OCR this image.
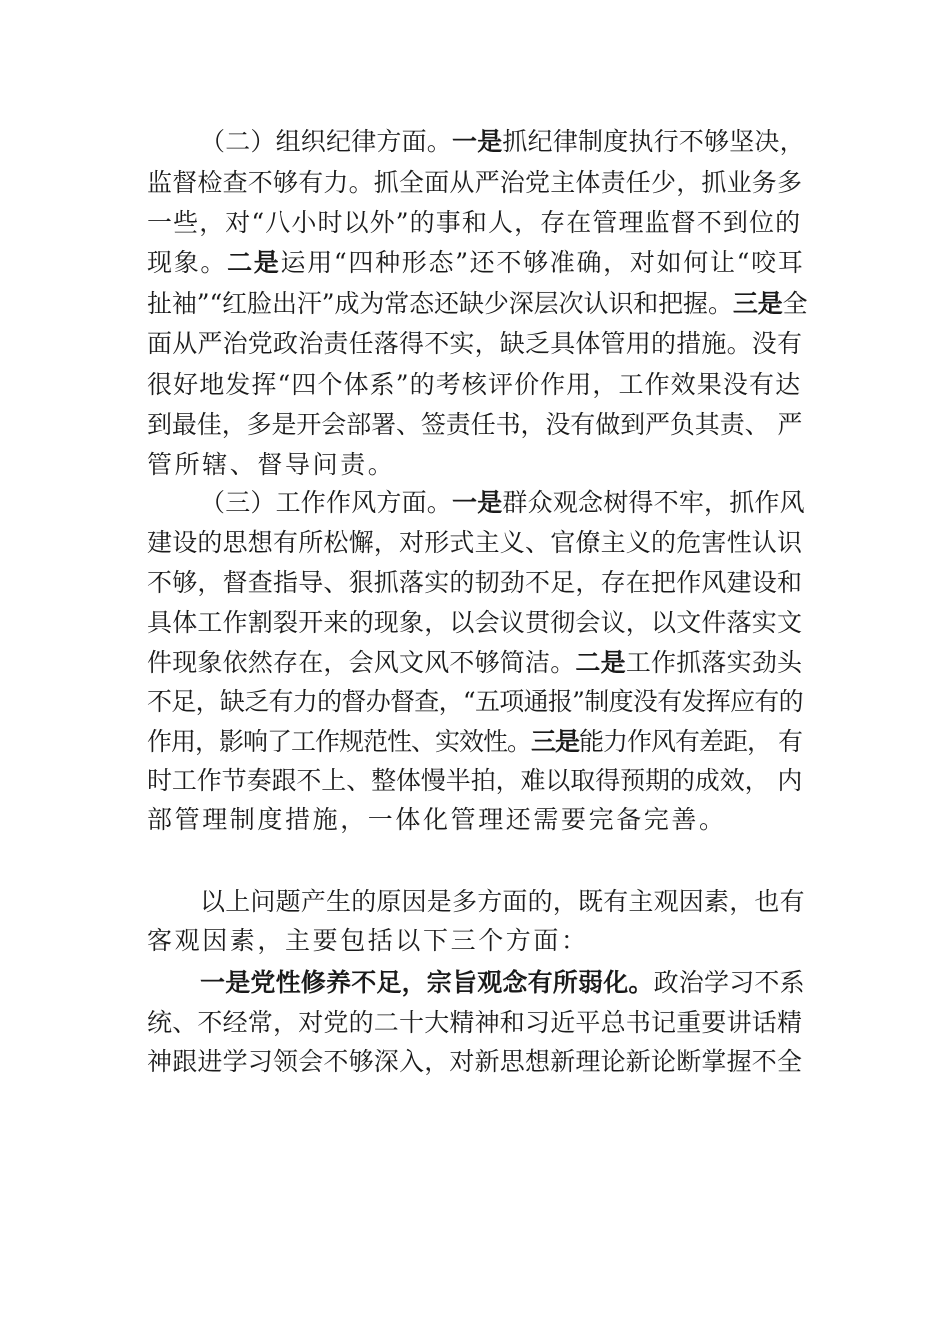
（二）组织纪律方面。一是抓纪律制度执行不够坚决，
监督检查不够有力。抓全面从严治党主体责任少，抓业务多
一些，对“八小时以外”的事和人，存在管理监督不到位的
现象。二是运用“四种形态”还不够准确，对如何让“咬耳
扯袖”“红脸出汗”成为常态还缺少深层次认识和把握。三是全
面从严治党政治责任落得不实，缺乏具体管用的措施。没有
很好地发挥“四个体系”的考核评价作用，工作效果没有达
到最佳，多是开会部署、签责任书，没有做到严负其责、 严
管所辖、督导问责。
（三）工作作风方面。一是群众观念树得不牢，抓作风
建设的思想有所松懈，对形式主义、官僚主义的危害性认识
不够，督查指导、狠抓落实的韧劲不足，存在把作风建设和
具体工作割裂开来的现象，以会议贯彻会议，以文件落实文
件现象依然存在，会风文风不够简洁。二是工作抓落实劲头
不足，缺乏有力的督办督查，“五项通报”制度没有发挥应有的
作用，影响了工作规范性、实效性。三是能力作风有差距， 有
时工作节奏跟不上、整体慢半拍，难以取得预期的成效， 内
部管理制度措施，一体化管理还需要完备完善。
以上问题产生的原因是多方面的，既有主观因素，也有
客观因素，主要包括以下三个方面：
一是党性修养不足，宗旨观念有所弱化。政治学习不系
统、不经常，对党的二十大精神和习近平总书记重要讲话精
神跟进学习领会不够深入，对新思想新理论新论断掌握不全
